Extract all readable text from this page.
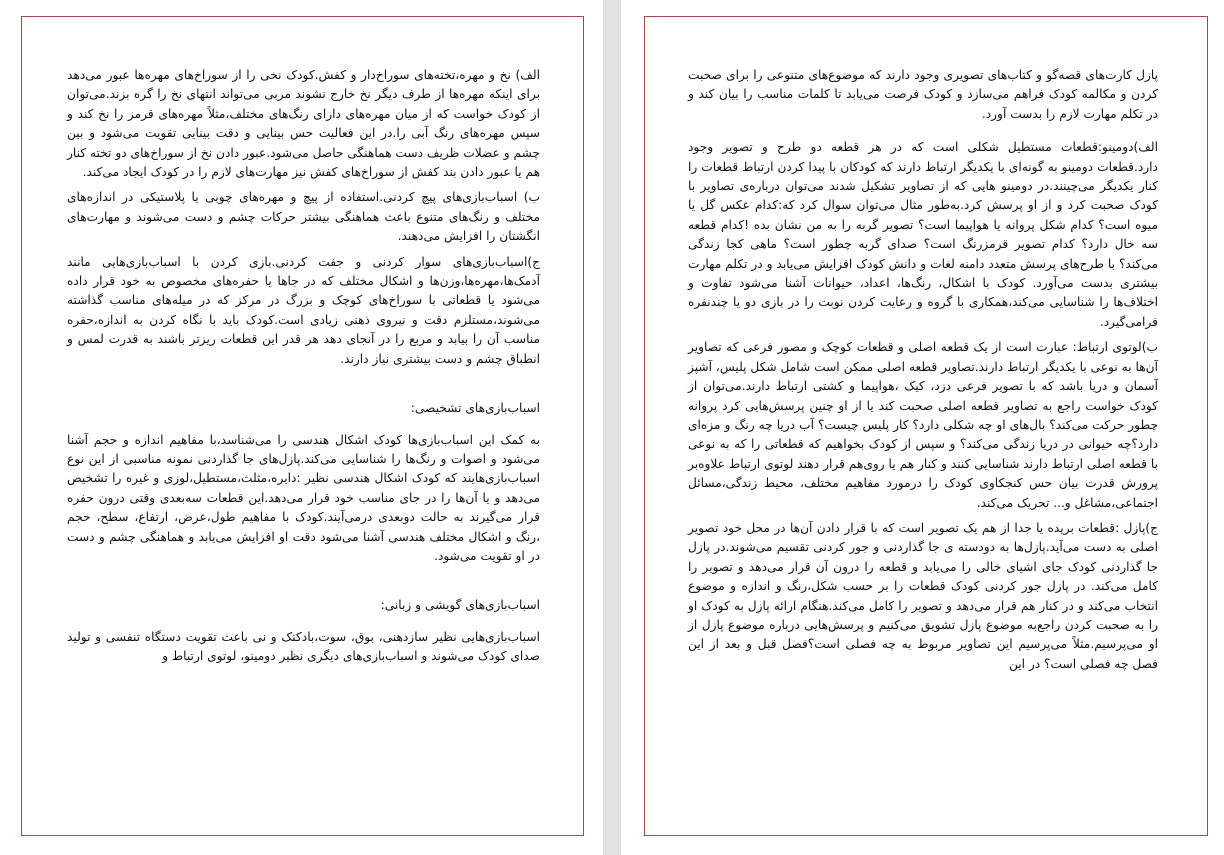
الف) نخ و مهره،تخته‌های سوراخ‌دار و کفش.کودک نخی را از سوراخ‌های مهره‌ها عبور می‌دهد برای اینکه مهره‌ها از طرف دیگر نخ خارج نشوند مربی می‌تواند انتهای نخ را گره بزند.می‌توان از کودک خواست که از میان مهره‌های دارای رنگ‌های مختلف،مثلاً مهره‌های قرمز را نخ کند و سپس مهره‌های رنگ آبی را.در این فعالیت حس بینایی و دقت بینایی تقویت می‌شود و بین چشم و عضلات ظریف دست هماهنگی حاصل می‌شود.عبور دادن نخ از سوراخ‌های دو تخته کنار هم یا عبور دادن بند کفش از سوراخ‌های کفش نیز مهارت‌های لازم را در کودک ایجاد می‌کند.

ب) اسباب‌بازی‌های پیچ کردنی.استفاده از پیچ و مهره‌های چوبی یا پلاستیکی در اندازه‌های مختلف و رنگ‌های متنوع باعث هماهنگی بیشتر حرکات چشم و دست می‌شوند و مهارت‌های انگشتان را افزایش می‌دهند.

ج)اسباب‌بازی‌های سوار کردنی و جفت کردنی.بازی کردن با اسباب‌بازی‌هایی مانند آدمک‌ها،مهره‌ها،وزن‌ها و اشکال مختلف که در جاها یا حفره‌های مخصوص به خود قرار داده می‌شود یا قطعاتی با سوراخ‌های کوچک و بزرگ در مرکز که در میله‌های مناسب گذاشته می‌شوند،مستلزم دقت و نیروی ذهنی زیادی است.کودک باید با نگاه کردن به اندازه،حفره مناسب آن را بیابد و مربع را در آنجای دهد هر قدر این قطعات ریزتر باشند به قدرت لمس و انطباق چشم و دست بیشتری نیاز دارند.

اسباب‌بازی‌های تشخیصی:

به کمک این اسباب‌بازی‌ها کودک اشکال هندسی را می‌شناسد،با مفاهیم اندازه و حجم آشنا می‌شود و اصوات و رنگ‌ها را شناسایی می‌کند.پازل‌های جا گذاردنی نمونه مناسبی از این نوع اسباب‌بازی‌هایند که کودک اشکال هندسی نظیر :دایره،مثلث،مستطیل،لوزی و غیره را تشخیص می‌دهد و یا آن‌ها را در جای مناسب خود قرار می‌دهد.این قطعات سه‌بعدی وقتی درون حفره قرار می‌گیرند به حالت دوبعدی درمی‌آیند.کودک با مفاهیم طول،عرض، ارتفاع، سطح، حجم ،رنگ و اشکال مختلف هندسی آشنا می‌شود دقت او افزایش می‌یابد و هماهنگی چشم و دست در او تقویت می‌شود.

اسباب‌بازی‌های گویشی و زبانی:

اسباب‌بازی‌هایی نظیر سازدهنی، بوق، سوت،بادکنک و نی باعث تقویت دستگاه تنفسی و تولید صدای کودک می‌شوند و اسباب‌بازی‌های دیگری نظیر دومینو، لوتوی ارتباط و

پازل کارت‌های قصه‌گو و کتاب‌های تصویری وجود دارند که موضوع‌های متنوعی را برای صحبت کردن و مکالمه کودک فراهم می‌سازد و کودک فرصت می‌یابد تا کلمات مناسب را بیان کند و در تکلم مهارت لازم را بدست آورد.

الف)دومینو:قطعات مستطیل شکلی است که در هر قطعه دو طرح و تصویر وجود دارد.قطعات دومینو به گونه‌ای با یکدیگر ارتباط دارند که کودکان با پیدا کردن ارتباط قطعات را کنار یکدیگر می‌چینند.در دومینو هایی که از تصاویر تشکیل شدند می‌توان درباره‌ی تصاویر با کودک صحبت کرد و از او پرسش کرد.به‌طور مثال می‌توان سوال کرد که:کدام عکس گل یا میوه است؟ کدام شکل پروانه یا هواپیما است؟ تصویر گربه را به من نشان بده !کدام قطعه سه خال دارد؟ کدام تصویر قرمزرنگ است؟ صدای گربه چطور است؟ ماهی کجا زندگی می‌کند؟ با طرح‌های پرسش متعدد دامنه لغات و دانش کودک افزایش می‌یابد و در تکلم مهارت بیشتری بدست می‌آورد. کودک با اشکال، رنگ‌ها، اعداد، حیوانات آشنا می‌شود تفاوت و اختلاف‌ها را شناسایی می‌کند،همکاری با گروه و رعایت کردن نوبت را در بازی دو یا چندنفره فرامی‌گیرد.

ب)لوتوی ارتباط: عبارت است از یک قطعه اصلی و قطعات کوچک و مصور فرعی که تصاویر آن‌ها به نوعی با یکدیگر ارتباط دارند.تصاویر قطعه اصلی ممکن است شامل شکل پلیس، آشپز آسمان و دریا باشد که با تصویر فرعی دزد، کیک ،هواپیما و کشتی ارتباط دارند.می‌توان از کودک خواست راجع به تصاویر قطعه اصلی صحبت کند یا از او چنین پرسش‌هایی کرد پروانه چطور حرکت می‌کند؟ بال‌های او چه شکلی دارد؟ کار پلیس چیست؟ آب دریا چه رنگ و مزه‌ای دارد؟چه حیوانی در دریا زندگی می‌کند؟ و سپس از کودک بخواهیم که قطعاتی را که به نوعی با قطعه اصلی ارتباط دارند شناسایی کنند و کنار هم یا روی‌هم قرار دهند لوتوی ارتباط علاوه‌بر پرورش قدرت بیان حس کنجکاوی کودک را درمورد مفاهیم مختلف، محیط زندگی،مسائل اجتماعی،مشاغل و... تحریک می‌کند.

ج)پازل :قطعات بریده یا جدا از هم یک تصویر است که با قرار دادن آن‌ها در محل خود تصویر اصلی به دست می‌آید.پازل‌ها به دودسته ی جا گذاردنی و جور کردنی تقسیم می‌شوند.در پازل جا گذاردنی کودک جای اشیای خالی را می‌یابد و قطعه را درون آن قرار می‌دهد و تصویر را کامل می‌کند. در پازل جور کردنی کودک قطعات را بر حسب شکل،رنگ و اندازه و موضوع انتخاب می‌کند و در کنار هم قرار می‌دهد و تصویر را کامل می‌کند.هنگام ارائه پازل به کودک او را به صحبت کردن راجع‌به موضوع پازل تشویق می‌کنیم و پرسش‌هایی درباره موضوع پازل از او می‌پرسیم.مثلاً می‌پرسیم این تصاویر مربوط به چه فصلی است؟فصل قبل و بعد از این فصل چه فصلی است؟ در این
